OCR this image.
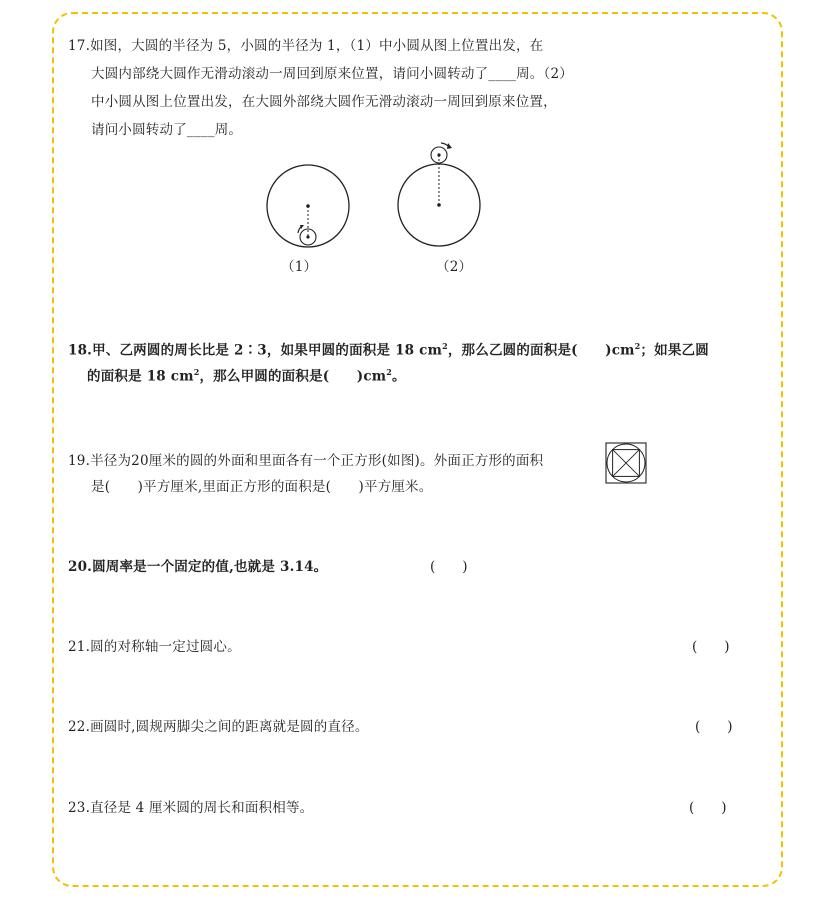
17.如图，大圆的半径为 5，小圆的半径为 1，（1）中小圆从图上位置出发，在
大圆内部绕大圆作无滑动滚动一周回到原来位置，请问小圆转动了____周。（2）
中小圆从图上位置出发，在大圆外部绕大圆作无滑动滚动一周回到原来位置，
请问小圆转动了____周。
（1）	（2）
18.甲、乙两圆的周长比是 2∶3，如果甲圆的面积是 18 $cm^2$，那么乙圆的面积是(　　)$cm^2$；如果乙圆
的面积是 18 $cm^2$，那么甲圆的面积是(　　)$cm^2$。
19.半径为20厘米的圆的外面和里面各有一个正方形(如图)。外面正方形的面积
是(　　)平方厘米,里面正方形的面积是(　　)平方厘米。
20.圆周率是一个固定的值,也就是 3.14。	(　　)
21.圆的对称轴一定过圆心。	(　　)
22.画圆时,圆规两脚尖之间的距离就是圆的直径。	(　　)
23.直径是 4 厘米圆的周长和面积相等。	(　　)
